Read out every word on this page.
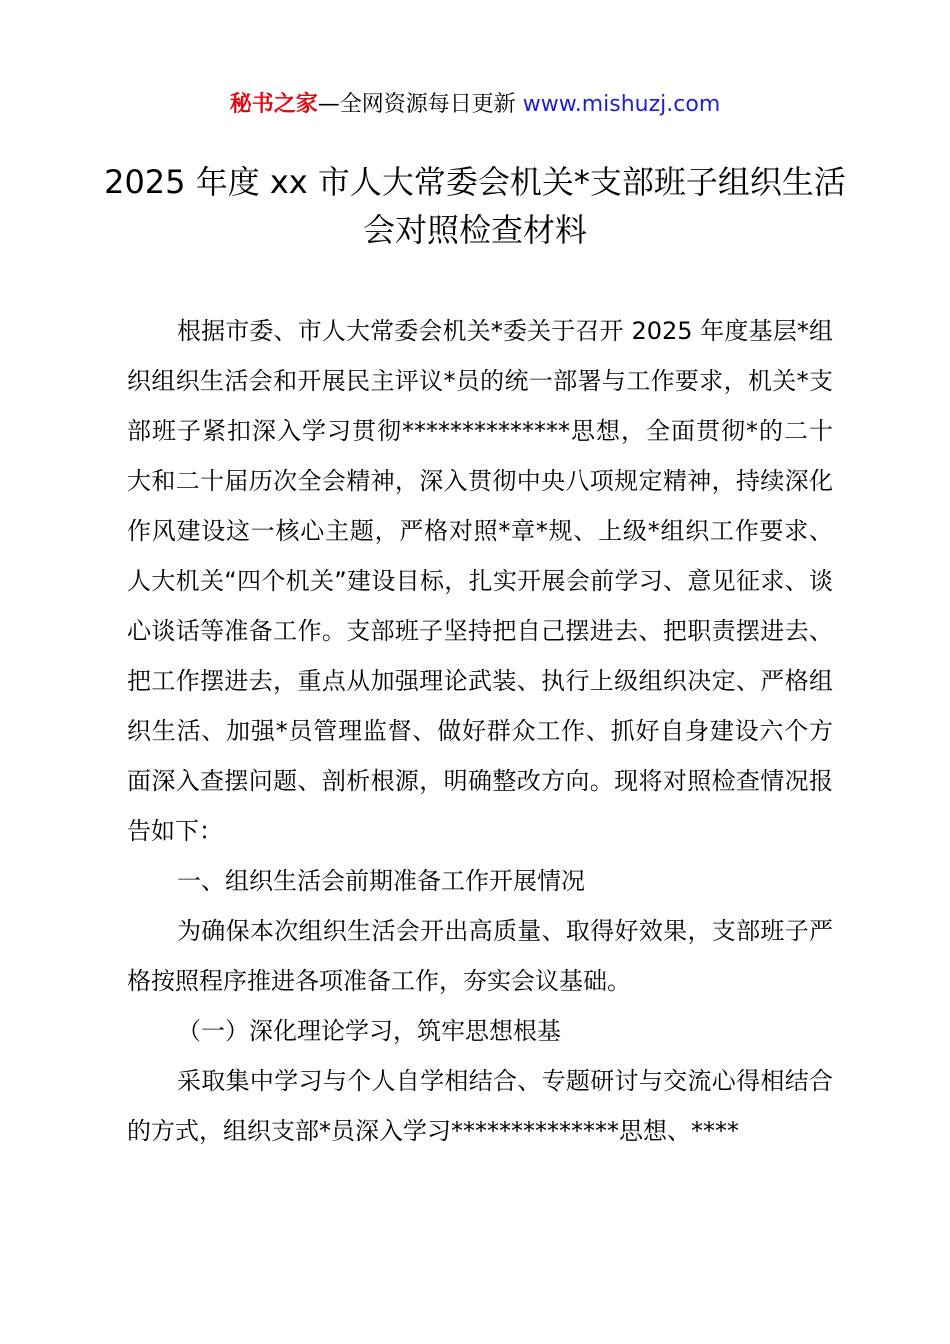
秘书之家—全网资源每日更新 www.mishuzj.com
2025 年度 xx 市人大常委会机关*支部班子组织生活会对照检查材料

根据市委、市人大常委会机关*委关于召开 2025 年度基层*组织组织生活会和开展民主评议*员的统一部署与工作要求，机关*支部班子紧扣深入学习贯彻**************思想，全面贯彻*的二十大和二十届历次全会精神，深入贯彻中央八项规定精神，持续深化作风建设这一核心主题，严格对照*章*规、上级*组织工作要求、人大机关“四个机关”建设目标，扎实开展会前学习、意见征求、谈心谈话等准备工作。支部班子坚持把自己摆进去、把职责摆进去、把工作摆进去，重点从加强理论武装、执行上级组织决定、严格组织生活、加强*员管理监督、做好群众工作、抓好自身建设六个方面深入查摆问题、剖析根源，明确整改方向。现将对照检查情况报告如下：

一、组织生活会前期准备工作开展情况

为确保本次组织生活会开出高质量、取得好效果，支部班子严格按照程序推进各项准备工作，夯实会议基础。

（一）深化理论学习，筑牢思想根基

采取集中学习与个人自学相结合、专题研讨与交流心得相结合的方式，组织支部*员深入学习**************思想、****
